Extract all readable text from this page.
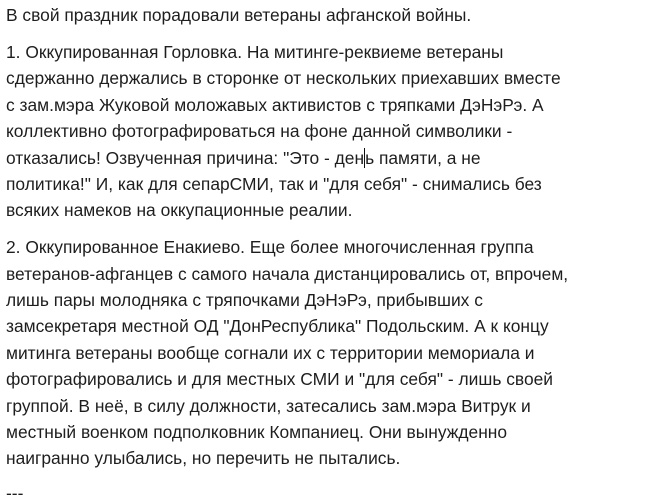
В свой праздник порадовали ветераны афганской войны.
1. Оккупированная Горловка. На митинге-реквиеме ветераны
сдержанно держались в сторонке от нескольких приехавших вместе
с зам.мэра Жуковой моложавых активистов с тряпками ДэНэРэ. А
коллективно фотографироваться на фоне данной символики -
отказались! Озвученная причина: "Это - день памяти, а не
политика!" И, как для сепарСМИ, так и "для себя" - снимались без
всяких намеков на оккупационные реалии.
2. Оккупированное Енакиево. Еще более многочисленная группа
ветеранов-афганцев с самого начала дистанцировались от, впрочем,
лишь пары молодняка с тряпочками ДэНэРэ, прибывших с
замсекретаря местной ОД "ДонРеспублика" Подольским. А к концу
митинга ветераны вообще согнали их с территории мемориала и
фотографировались и для местных СМИ и "для себя" - лишь своей
группой. В неё, в силу должности, затесались зам.мэра Витрук и
местный военком подполковник Компаниец. Они вынужденно
наигранно улыбались, но перечить не пытались.
---
